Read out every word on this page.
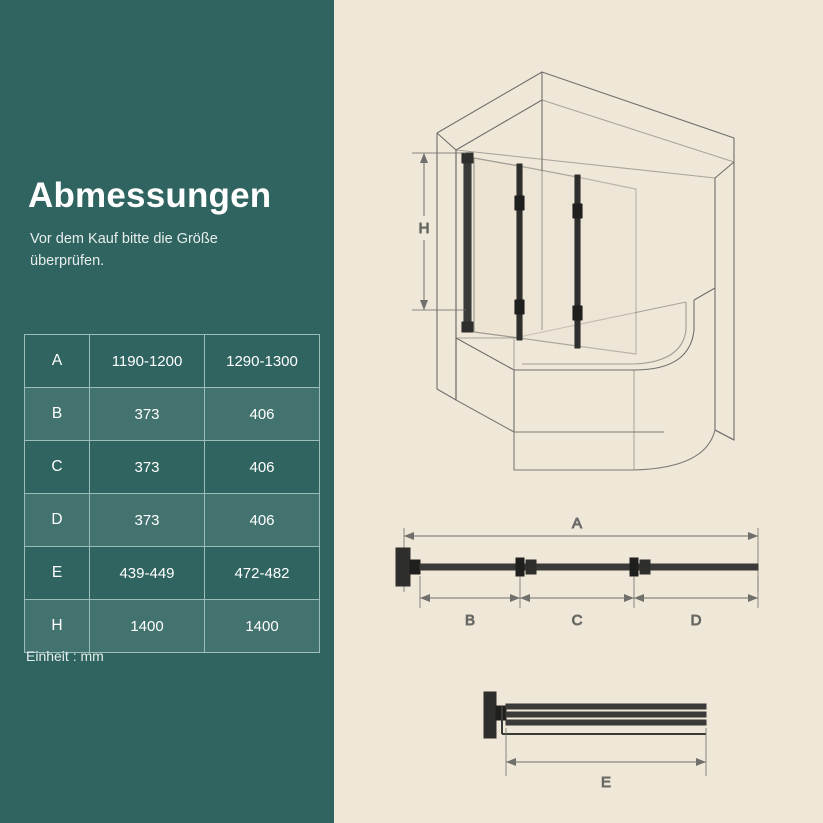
Abmessungen
Vor dem Kauf bitte die Größe überprüfen.
A	1190-1200	1290-1300
B	373	406
C	373	406
D	373	406
E	439-449	472-482
H	1400	1400
Einheit : mm
H
A
B	C	D
E
